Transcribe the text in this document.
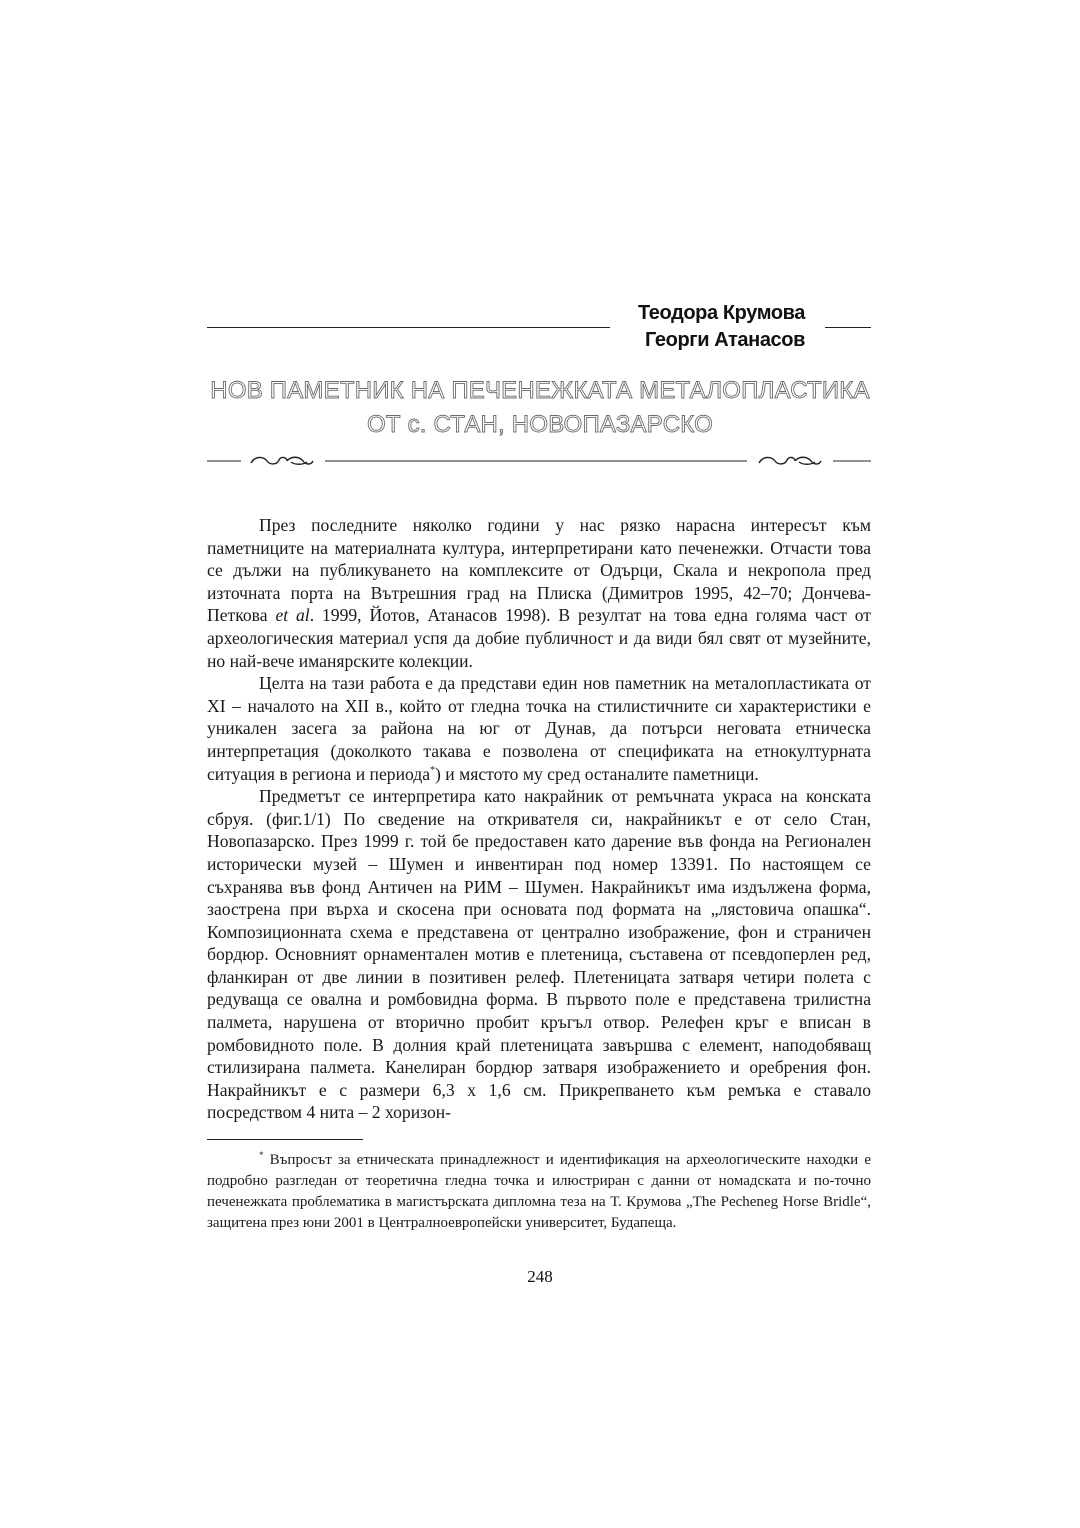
Теодора Крумова
Георги Атанасов
НОВ ПАМЕТНИК НА ПЕЧЕНЕЖКАТА МЕТАЛОПЛАСТИКА
ОТ с. СТАН, НОВОПАЗАРСКО

През последните няколко години у нас рязко нарасна интересът към паметниците на материалната култура, интерпретирани като печенежки. Отчасти това се дължи на публикуването на комплексите от Одърци, Скала и некропола пред източната порта на Вътрешния град на Плиска (Димитров 1995, 42–70; Дончева-Петкова et al. 1999, Йотов, Атанасов 1998). В резултат на това една голяма част от археологическия материал успя да добие публичност и да види бял свят от музейните, но най-вече иманярските колекции.

Целта на тази работа е да представи един нов паметник на металопластиката от XI – началото на XII в., който от гледна точка на стилистичните си характеристики е уникален засега за района на юг от Дунав, да потърси неговата етническа интерпретация (доколкото такава е позволена от спецификата на етнокултурната ситуация в региона и периода*) и мястото му сред останалите паметници.

Предметът се интерпретира като накрайник от ремъчната украса на конската сбруя. (фиг.1/1) По сведение на откривателя си, накрайникът е от село Стан, Новопазарско. През 1999 г. той бе предоставен като дарение във фонда на Регионален исторически музей – Шумен и инвентиран под номер 13391. По настоящем се съхранява във фонд Античен на РИМ – Шумен. Накрайникът има издължена форма, заострена при върха и скосена при основата под формата на „лястовича опашка“. Композиционната схема е представена от централно изображение, фон и страничен бордюр. Основният орнаментален мотив е плетеница, съставена от псевдоперлен ред, фланкиран от две линии в позитивен релеф. Плетеницата затваря четири полета с редуваща се овална и ромбовидна форма. В първото поле е представена трилистна палмета, нарушена от вторично пробит кръгъл отвор. Релефен кръг е вписан в ромбовидното поле. В долния край плетеницата завършва с елемент, наподобяващ стилизирана палмета. Канелиран бордюр затваря изображението и оребрения фон. Накрайникът е с размери 6,3 х 1,6 см. Прикрепването към ремъка е ставало посредством 4 нита – 2 хоризон-

* Въпросът за етническата принадлежност и идентификация на археологическите находки е подробно разгледан от теоретична гледна точка и илюстриран с данни от номадската и по-точно печенежката проблематика в магистърската дипломна теза на Т. Крумова „The Pecheneg Horse Bridle“, защитена през юни 2001 в Централноевропейски университет, Будапеща.
248
